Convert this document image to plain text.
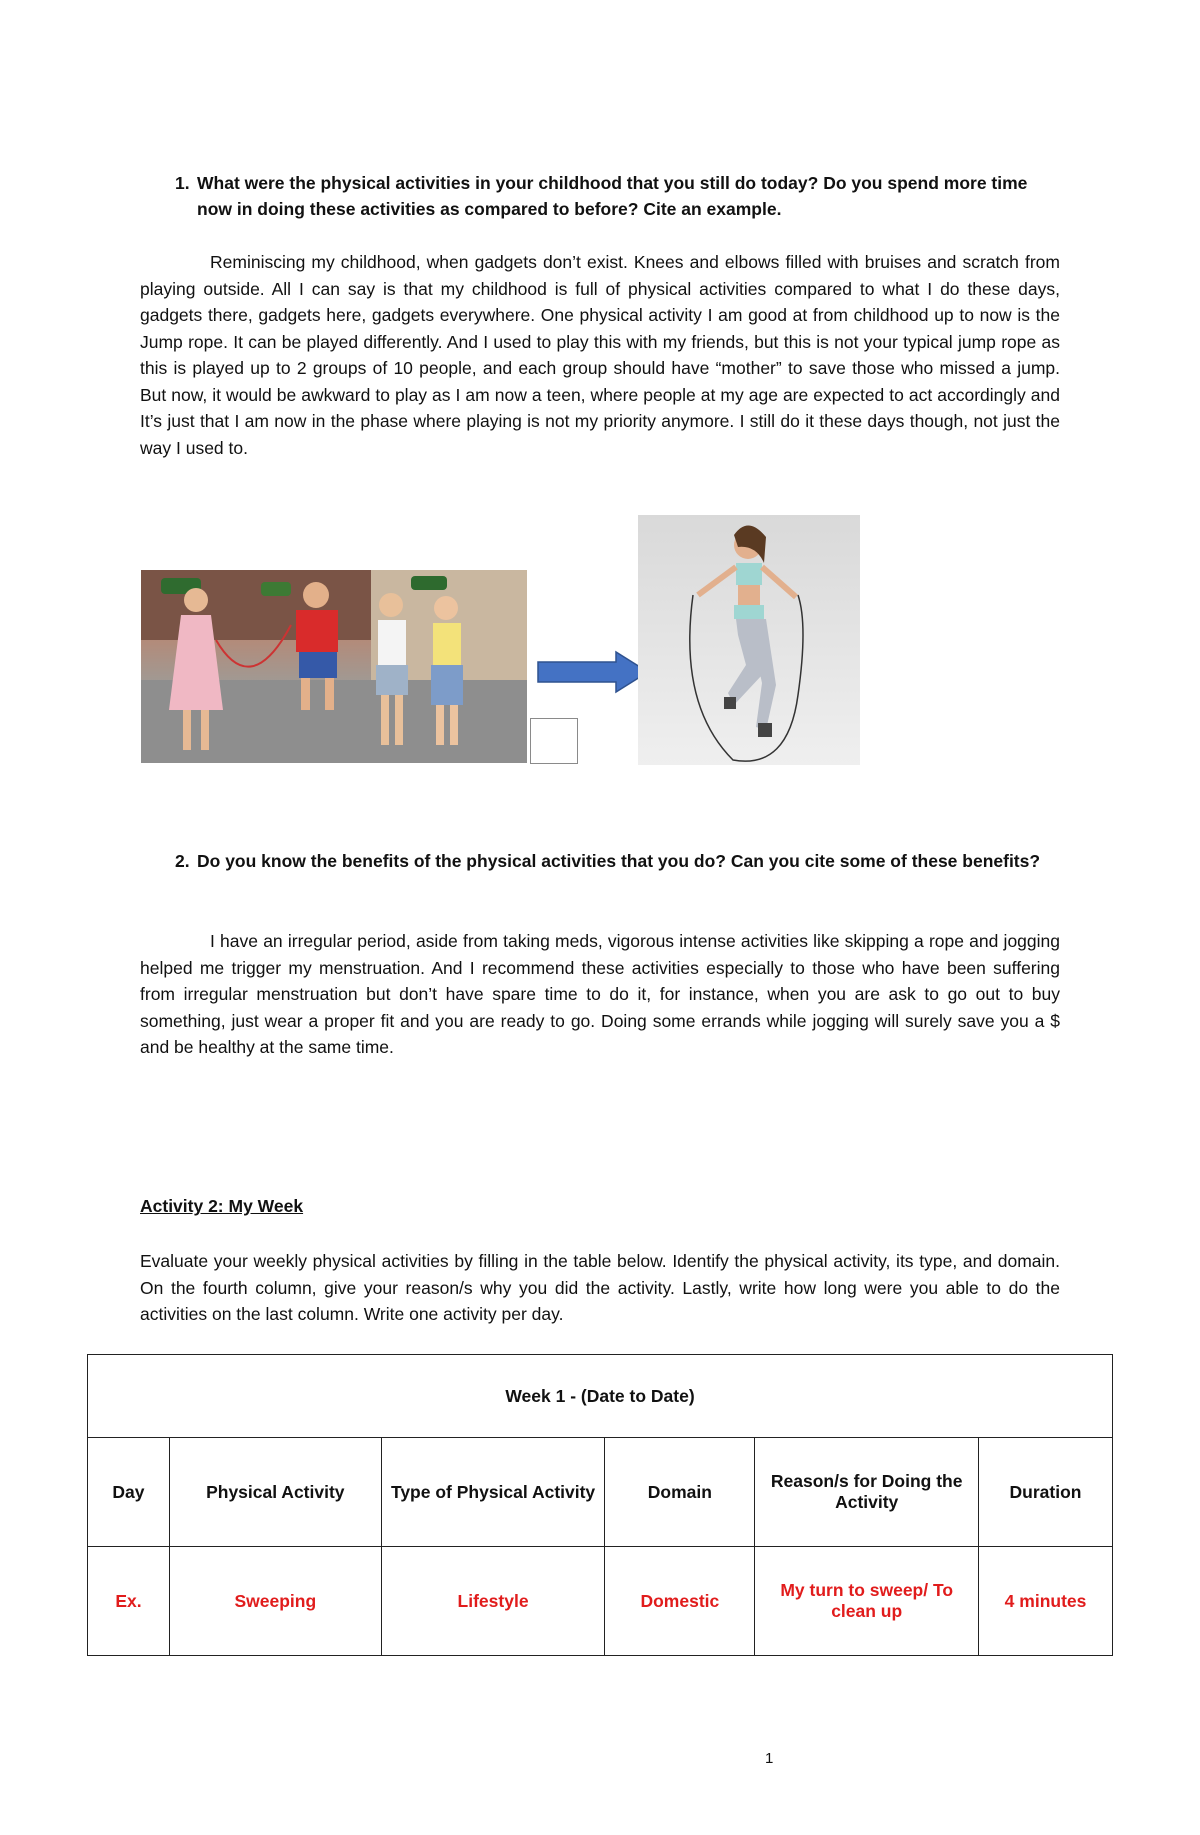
1. What were the physical activities in your childhood that you still do today? Do you spend more time now in doing these activities as compared to before? Cite an example.
Reminiscing my childhood, when gadgets don’t exist. Knees and elbows filled with bruises and scratch from playing outside. All I can say is that my childhood is full of physical activities compared to what I do these days, gadgets there, gadgets here, gadgets everywhere. One physical activity I am good at from childhood up to now is the Jump rope. It can be played differently. And I used to play this with my friends, but this is not your typical jump rope as this is played up to 2 groups of 10 people, and each group should have “mother” to save those who missed a jump. But now, it would be awkward to play as I am now a teen, where people at my age are expected to act accordingly and It’s just that I am now in the phase where playing is not my priority anymore. I still do it these days though, not just the way I used to.
2. Do you know the benefits of the physical activities that you do? Can you cite some of these benefits?
I have an irregular period, aside from taking meds, vigorous intense activities like skipping a rope and jogging helped me trigger my menstruation. And I recommend these activities especially to those who have been suffering from irregular menstruation but don’t have spare time to do it, for instance, when you are ask to go out to buy something, just wear a proper fit and you are ready to go. Doing some errands while jogging will surely save you a $ and be healthy at the same time.
Activity 2: My Week
Evaluate your weekly physical activities by filling in the table below. Identify the physical activity, its type, and domain. On the fourth column, give your reason/s why you did the activity. Lastly, write how long were you able to do the activities on the last column. Write one activity per day.
Week 1 - (Date to Date)					
Day	Physical Activity	Type of Physical Activity	Domain	Reason/s for Doing the Activity	Duration
Ex.	Sweeping	Lifestyle	Domestic	My turn to sweep/ To clean up	4 minutes
1
